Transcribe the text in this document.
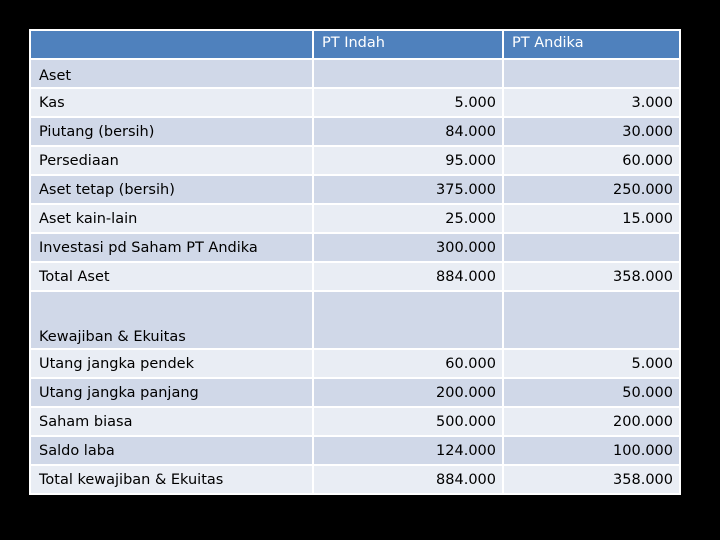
	PT Indah	PT Andika
Aset		
Kas	5.000	3.000
Piutang (bersih)	84.000	30.000
Persediaan	95.000	60.000
Aset tetap (bersih)	375.000	250.000
Aset kain-lain	25.000	15.000
Investasi pd Saham PT Andika	300.000	
Total Aset	884.000	358.000
Kewajiban & Ekuitas		
Utang jangka pendek	60.000	5.000
Utang jangka panjang	200.000	50.000
Saham biasa	500.000	200.000
Saldo laba	124.000	100.000
Total kewajiban & Ekuitas	884.000	358.000
